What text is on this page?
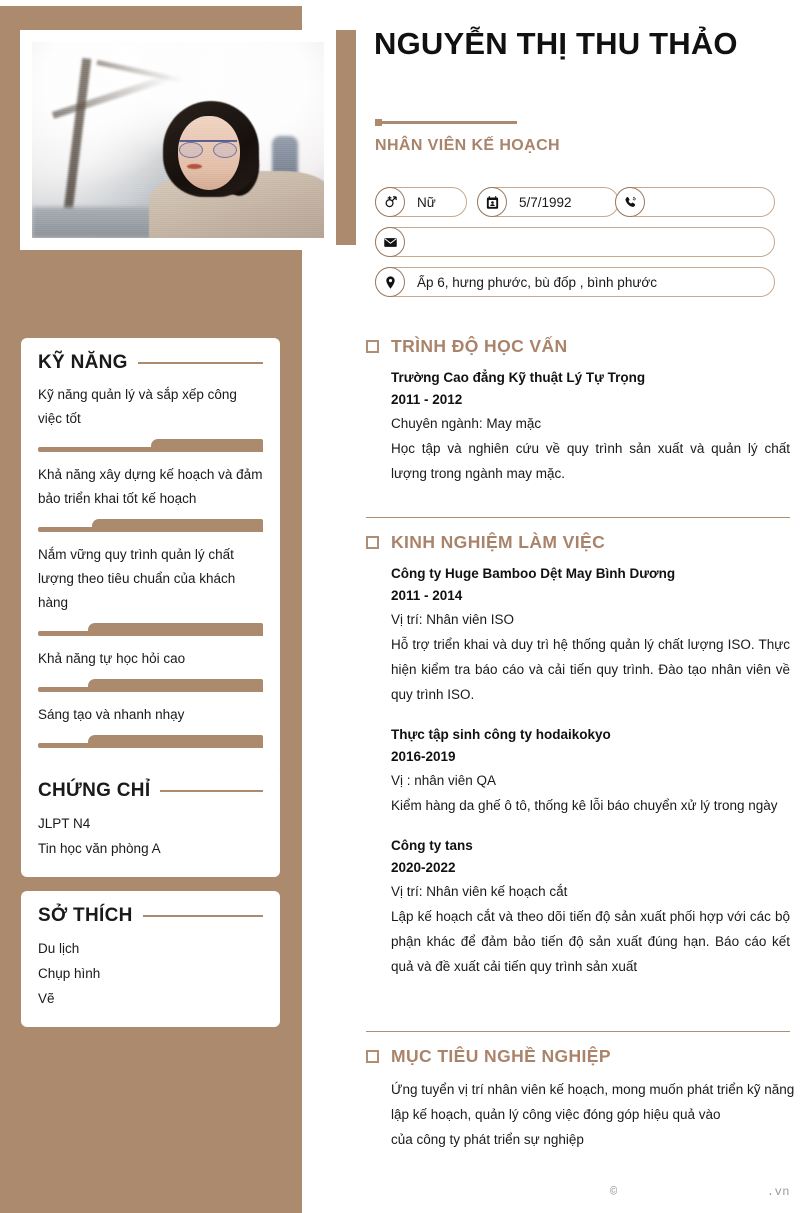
KỸ NĂNG
Kỹ năng quản lý và sắp xếp công việc tốt
Khả năng xây dựng kế hoạch và đảm bảo triển khai tốt kế hoạch
Nắm vững quy trình quản lý chất lượng theo tiêu chuẩn của khách hàng
Khả năng tự học hỏi cao
Sáng tạo và nhanh nhạy
CHỨNG CHỈ
JLPT N4
Tin học văn phòng A
SỞ THÍCH
Du lịch
Chụp hình
Vẽ
NGUYỄN THỊ THU THẢO
NHÂN VIÊN KẾ HOẠCH
Nữ	5/7/1992
Ấp 6, hưng phước, bù đốp , bình phước
TRÌNH ĐỘ HỌC VẤN
Trường Cao đẳng Kỹ thuật Lý Tự Trọng
2011 - 2012
Chuyên ngành: May mặc
Học tập và nghiên cứu về quy trình sản xuất và quản lý chất lượng trong ngành may mặc.
KINH NGHIỆM LÀM VIỆC
Công ty Huge Bamboo Dệt May Bình Dương
2011 - 2014
Vị trí: Nhân viên ISO
Hỗ trợ triển khai và duy trì hệ thống quản lý chất lượng ISO. Thực hiện kiểm tra báo cáo và cải tiến quy trình. Đào tạo nhân viên về quy trình ISO.
Thực tập sinh công ty hodaikokyo
2016-2019
Vị : nhân viên QA
Kiểm hàng da ghế ô tô, thống kê lỗi báo chuyển xử lý trong ngày
Công ty tans
2020-2022
Vị trí: Nhân viên kế hoạch cắt
Lập kế hoạch cắt và theo dõi tiến độ sản xuất phối hợp với các bộ phận khác để đảm bảo tiến độ sản xuất đúng hạn. Báo cáo kết quả và đề xuất cải tiến quy trình sản xuất
MỤC TIÊU NGHỀ NGHIỆP
Ứng tuyển vị trí nhân viên kế hoạch, mong muốn phát triển kỹ năng
lập kế hoạch, quản lý công việc đóng góp hiệu quả vào
của công ty phát triển sự nghiệp
©	.vn
